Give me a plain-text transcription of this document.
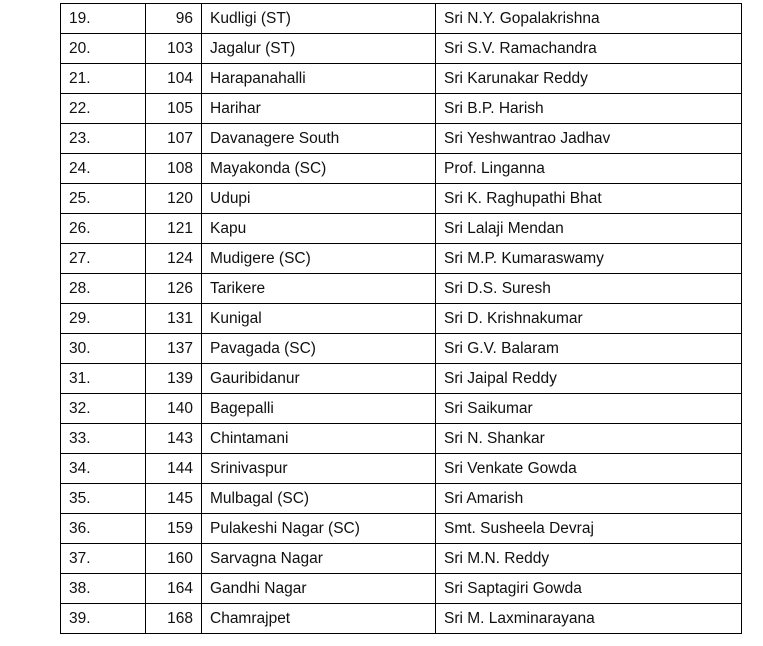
19.	96	Kudligi (ST)	Sri N.Y. Gopalakrishna
20.	103	Jagalur (ST)	Sri S.V. Ramachandra
21.	104	Harapanahalli	Sri Karunakar Reddy
22.	105	Harihar	Sri B.P. Harish
23.	107	Davanagere South	Sri Yeshwantrao Jadhav
24.	108	Mayakonda (SC)	Prof. Linganna
25.	120	Udupi	Sri K. Raghupathi Bhat
26.	121	Kapu	Sri Lalaji Mendan
27.	124	Mudigere (SC)	Sri M.P. Kumaraswamy
28.	126	Tarikere	Sri D.S. Suresh
29.	131	Kunigal	Sri D. Krishnakumar
30.	137	Pavagada (SC)	Sri G.V. Balaram
31.	139	Gauribidanur	Sri Jaipal Reddy
32.	140	Bagepalli	Sri Saikumar
33.	143	Chintamani	Sri N. Shankar
34.	144	Srinivaspur	Sri Venkate Gowda
35.	145	Mulbagal (SC)	Sri Amarish
36.	159	Pulakeshi Nagar (SC)	Smt. Susheela Devraj
37.	160	Sarvagna Nagar	Sri M.N. Reddy
38.	164	Gandhi Nagar	Sri Saptagiri Gowda
39.	168	Chamrajpet	Sri M. Laxminarayana
